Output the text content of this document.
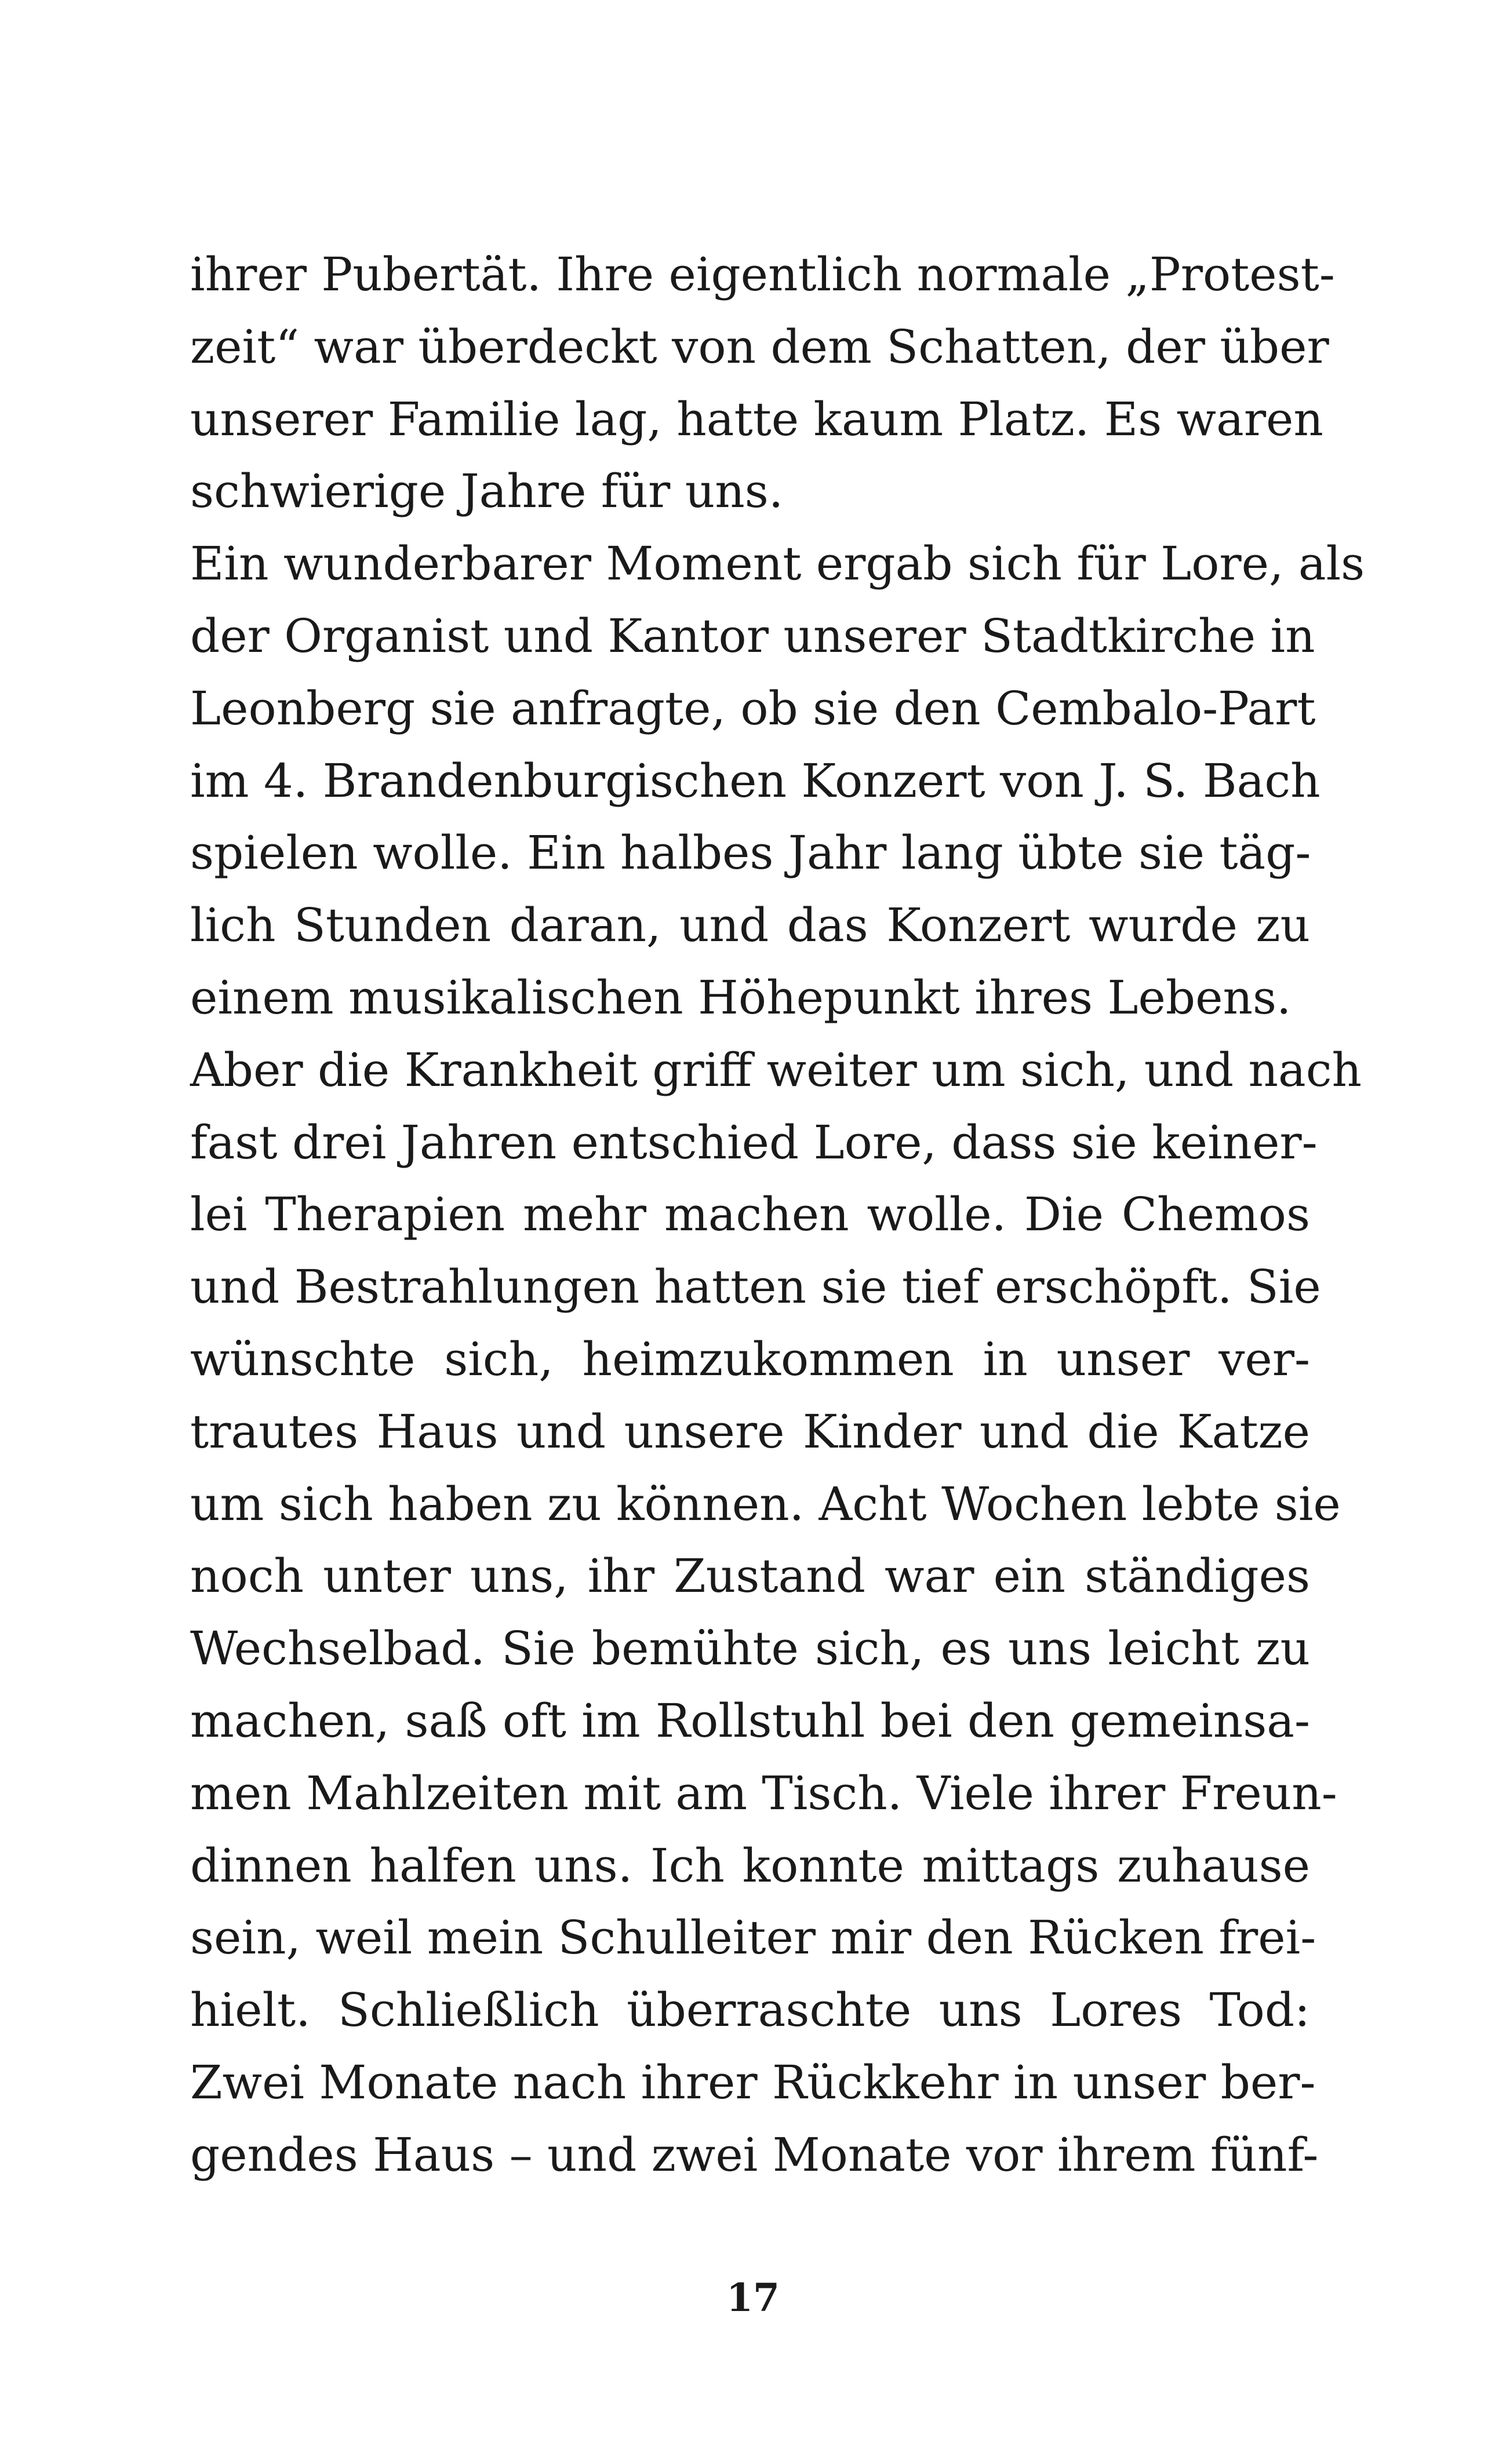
ihrer Pubertät. Ihre eigentlich normale „Protest-
zeit“ war überdeckt von dem Schatten, der über
unserer Familie lag, hatte kaum Platz. Es waren
schwierige Jahre für uns.
Ein wunderbarer Moment ergab sich für Lore, als
der Organist und Kantor unserer Stadtkirche in
Leonberg sie anfragte, ob sie den Cembalo-Part
im 4. Brandenburgischen Konzert von J. S. Bach
spielen wolle. Ein halbes Jahr lang übte sie täg-
lich Stunden daran, und das Konzert wurde zu
einem musikalischen Höhepunkt ihres Lebens.
Aber die Krankheit griff weiter um sich, und nach
fast drei Jahren entschied Lore, dass sie keiner-
lei Therapien mehr machen wolle. Die Chemos
und Bestrahlungen hatten sie tief erschöpft. Sie
wünschte sich, heimzukommen in unser ver-
trautes Haus und unsere Kinder und die Katze
um sich haben zu können. Acht Wochen lebte sie
noch unter uns, ihr Zustand war ein ständiges
Wechselbad. Sie bemühte sich, es uns leicht zu
machen, saß oft im Rollstuhl bei den gemeinsa-
men Mahlzeiten mit am Tisch. Viele ihrer Freun-
dinnen halfen uns. Ich konnte mittags zuhause
sein, weil mein Schulleiter mir den Rücken frei-
hielt. Schließlich überraschte uns Lores Tod:
Zwei Monate nach ihrer Rückkehr in unser ber-
gendes Haus – und zwei Monate vor ihrem fünf-
17
